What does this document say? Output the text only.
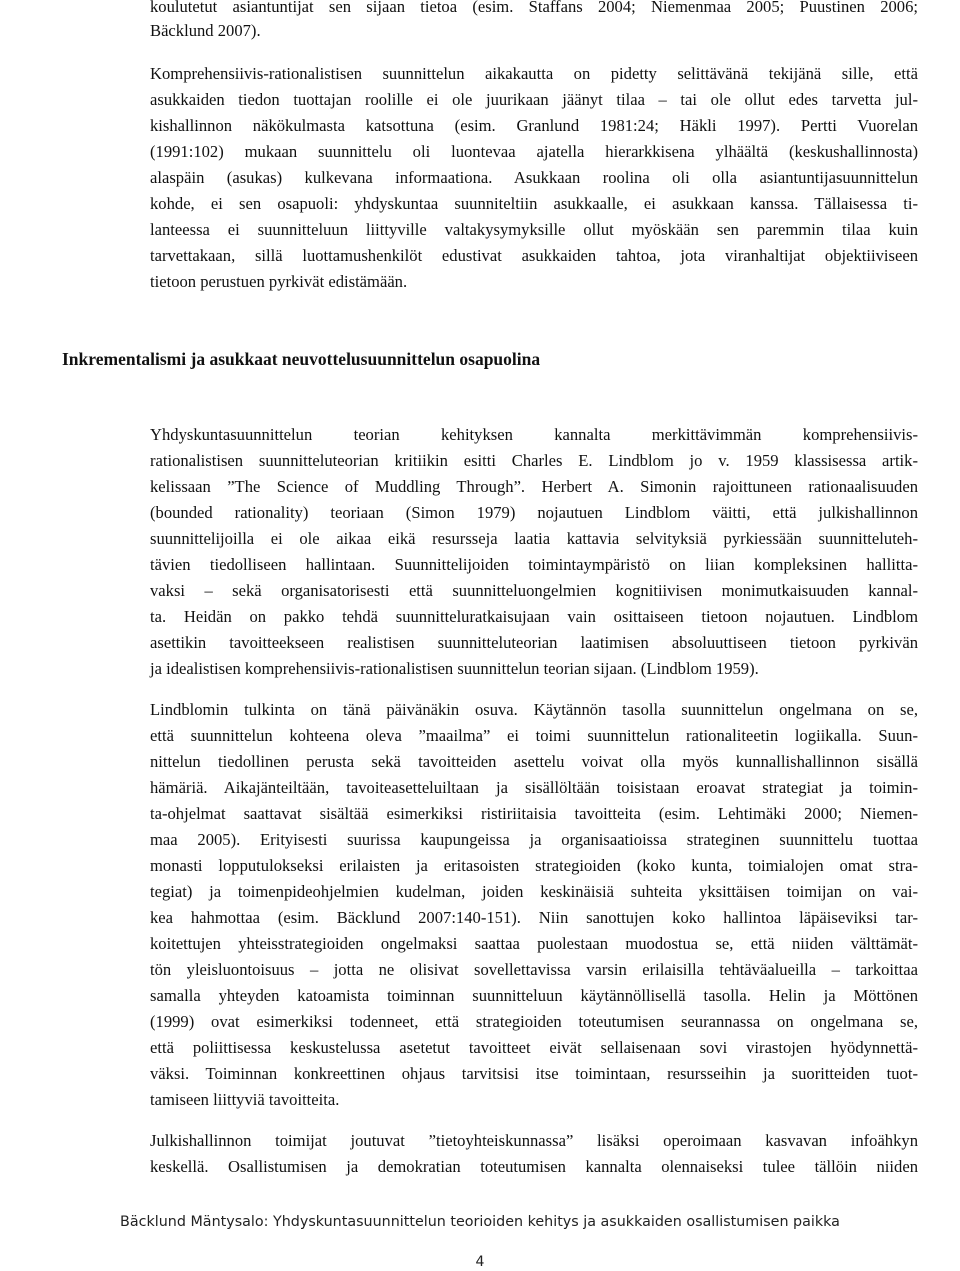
koulutetut asiantuntijat sen sijaan tietoa (esim. Staffans 2004; Niemenmaa 2005; Puustinen 2006;
Bäcklund 2007).
Komprehensiivis-rationalistisen suunnittelun aikakautta on pidetty selittävänä tekijänä sille, että
asukkaiden tiedon tuottajan roolille ei ole juurikaan jäänyt tilaa – tai ole ollut edes tarvetta jul-
kishallinnon näkökulmasta katsottuna (esim. Granlund 1981:24; Häkli 1997). Pertti Vuorelan
(1991:102) mukaan suunnittelu oli luontevaa ajatella hierarkkisena ylhäältä (keskushallinnosta)
alaspäin (asukas) kulkevana informaationa. Asukkaan roolina oli olla asiantuntijasuunnittelun
kohde, ei sen osapuoli: yhdyskuntaa suunniteltiin asukkaalle, ei asukkaan kanssa. Tällaisessa ti-
lanteessa ei suunnitteluun liittyville valtakysymyksille ollut myöskään sen paremmin tilaa kuin
tarvettakaan, sillä luottamushenkilöt edustivat asukkaiden tahtoa, jota viranhaltijat objektiiviseen
tietoon perustuen pyrkivät edistämään.
Inkrementalismi ja asukkaat neuvottelusuunnittelun osapuolina
Yhdyskuntasuunnittelun teorian kehityksen kannalta merkittävimmän komprehensiivis-
rationalistisen suunnitteluteorian kritiikin esitti Charles E. Lindblom jo v. 1959 klassisessa artik-
kelissaan ”The Science of Muddling Through”. Herbert A. Simonin rajoittuneen rationaalisuuden
(bounded rationality) teoriaan (Simon 1979) nojautuen Lindblom väitti, että julkishallinnon
suunnittelijoilla ei ole aikaa eikä resursseja laatia kattavia selvityksiä pyrkiessään suunnitteluteh-
tävien tiedolliseen hallintaan. Suunnittelijoiden toimintaympäristö on liian kompleksinen hallitta-
vaksi – sekä organisatorisesti että suunnitteluongelmien kognitiivisen monimutkaisuuden kannal-
ta. Heidän on pakko tehdä suunnitteluratkaisujaan vain osittaiseen tietoon nojautuen. Lindblom
asettikin tavoitteekseen realistisen suunnitteluteorian laatimisen absoluuttiseen tietoon pyrkivän
ja idealistisen komprehensiivis-rationalistisen suunnittelun teorian sijaan. (Lindblom 1959).
Lindblomin tulkinta on tänä päivänäkin osuva. Käytännön tasolla suunnittelun ongelmana on se,
että suunnittelun kohteena oleva ”maailma” ei toimi suunnittelun rationaliteetin logiikalla. Suun-
nittelun tiedollinen perusta sekä tavoitteiden asettelu voivat olla myös kunnallishallinnon sisällä
hämäriä. Aikajänteiltään, tavoiteasetteluiltaan ja sisällöltään toisistaan eroavat strategiat ja toimin-
ta-ohjelmat saattavat sisältää esimerkiksi ristiriitaisia tavoitteita (esim. Lehtimäki 2000; Niemen-
maa 2005). Erityisesti suurissa kaupungeissa ja organisaatioissa strateginen suunnittelu tuottaa
monasti lopputulokseksi erilaisten ja eritasoisten strategioiden (koko kunta, toimialojen omat stra-
tegiat) ja toimenpideohjelmien kudelman, joiden keskinäisiä suhteita yksittäisen toimijan on vai-
kea hahmottaa (esim. Bäcklund 2007:140-151). Niin sanottujen koko hallintoa läpäiseviksi tar-
koitettujen yhteisstrategioiden ongelmaksi saattaa puolestaan muodostua se, että niiden välttämät-
tön yleisluontoisuus – jotta ne olisivat sovellettavissa varsin erilaisilla tehtäväalueilla – tarkoittaa
samalla yhteyden katoamista toiminnan suunnitteluun käytännöllisellä tasolla. Helin ja Möttönen
(1999) ovat esimerkiksi todenneet, että strategioiden toteutumisen seurannassa on ongelmana se,
että poliittisessa keskustelussa asetetut tavoitteet eivät sellaisenaan sovi virastojen hyödynnettä-
väksi. Toiminnan konkreettinen ohjaus tarvitsisi itse toimintaan, resursseihin ja suoritteiden tuot-
tamiseen liittyviä tavoitteita.
Julkishallinnon toimijat joutuvat ”tietoyhteiskunnassa” lisäksi operoimaan kasvavan infoähkyn
keskellä. Osallistumisen ja demokratian toteutumisen kannalta olennaiseksi tulee tällöin niiden
Bäcklund Mäntysalo: Yhdyskuntasuunnittelun teorioiden kehitys ja asukkaiden osallistumisen paikka
4
